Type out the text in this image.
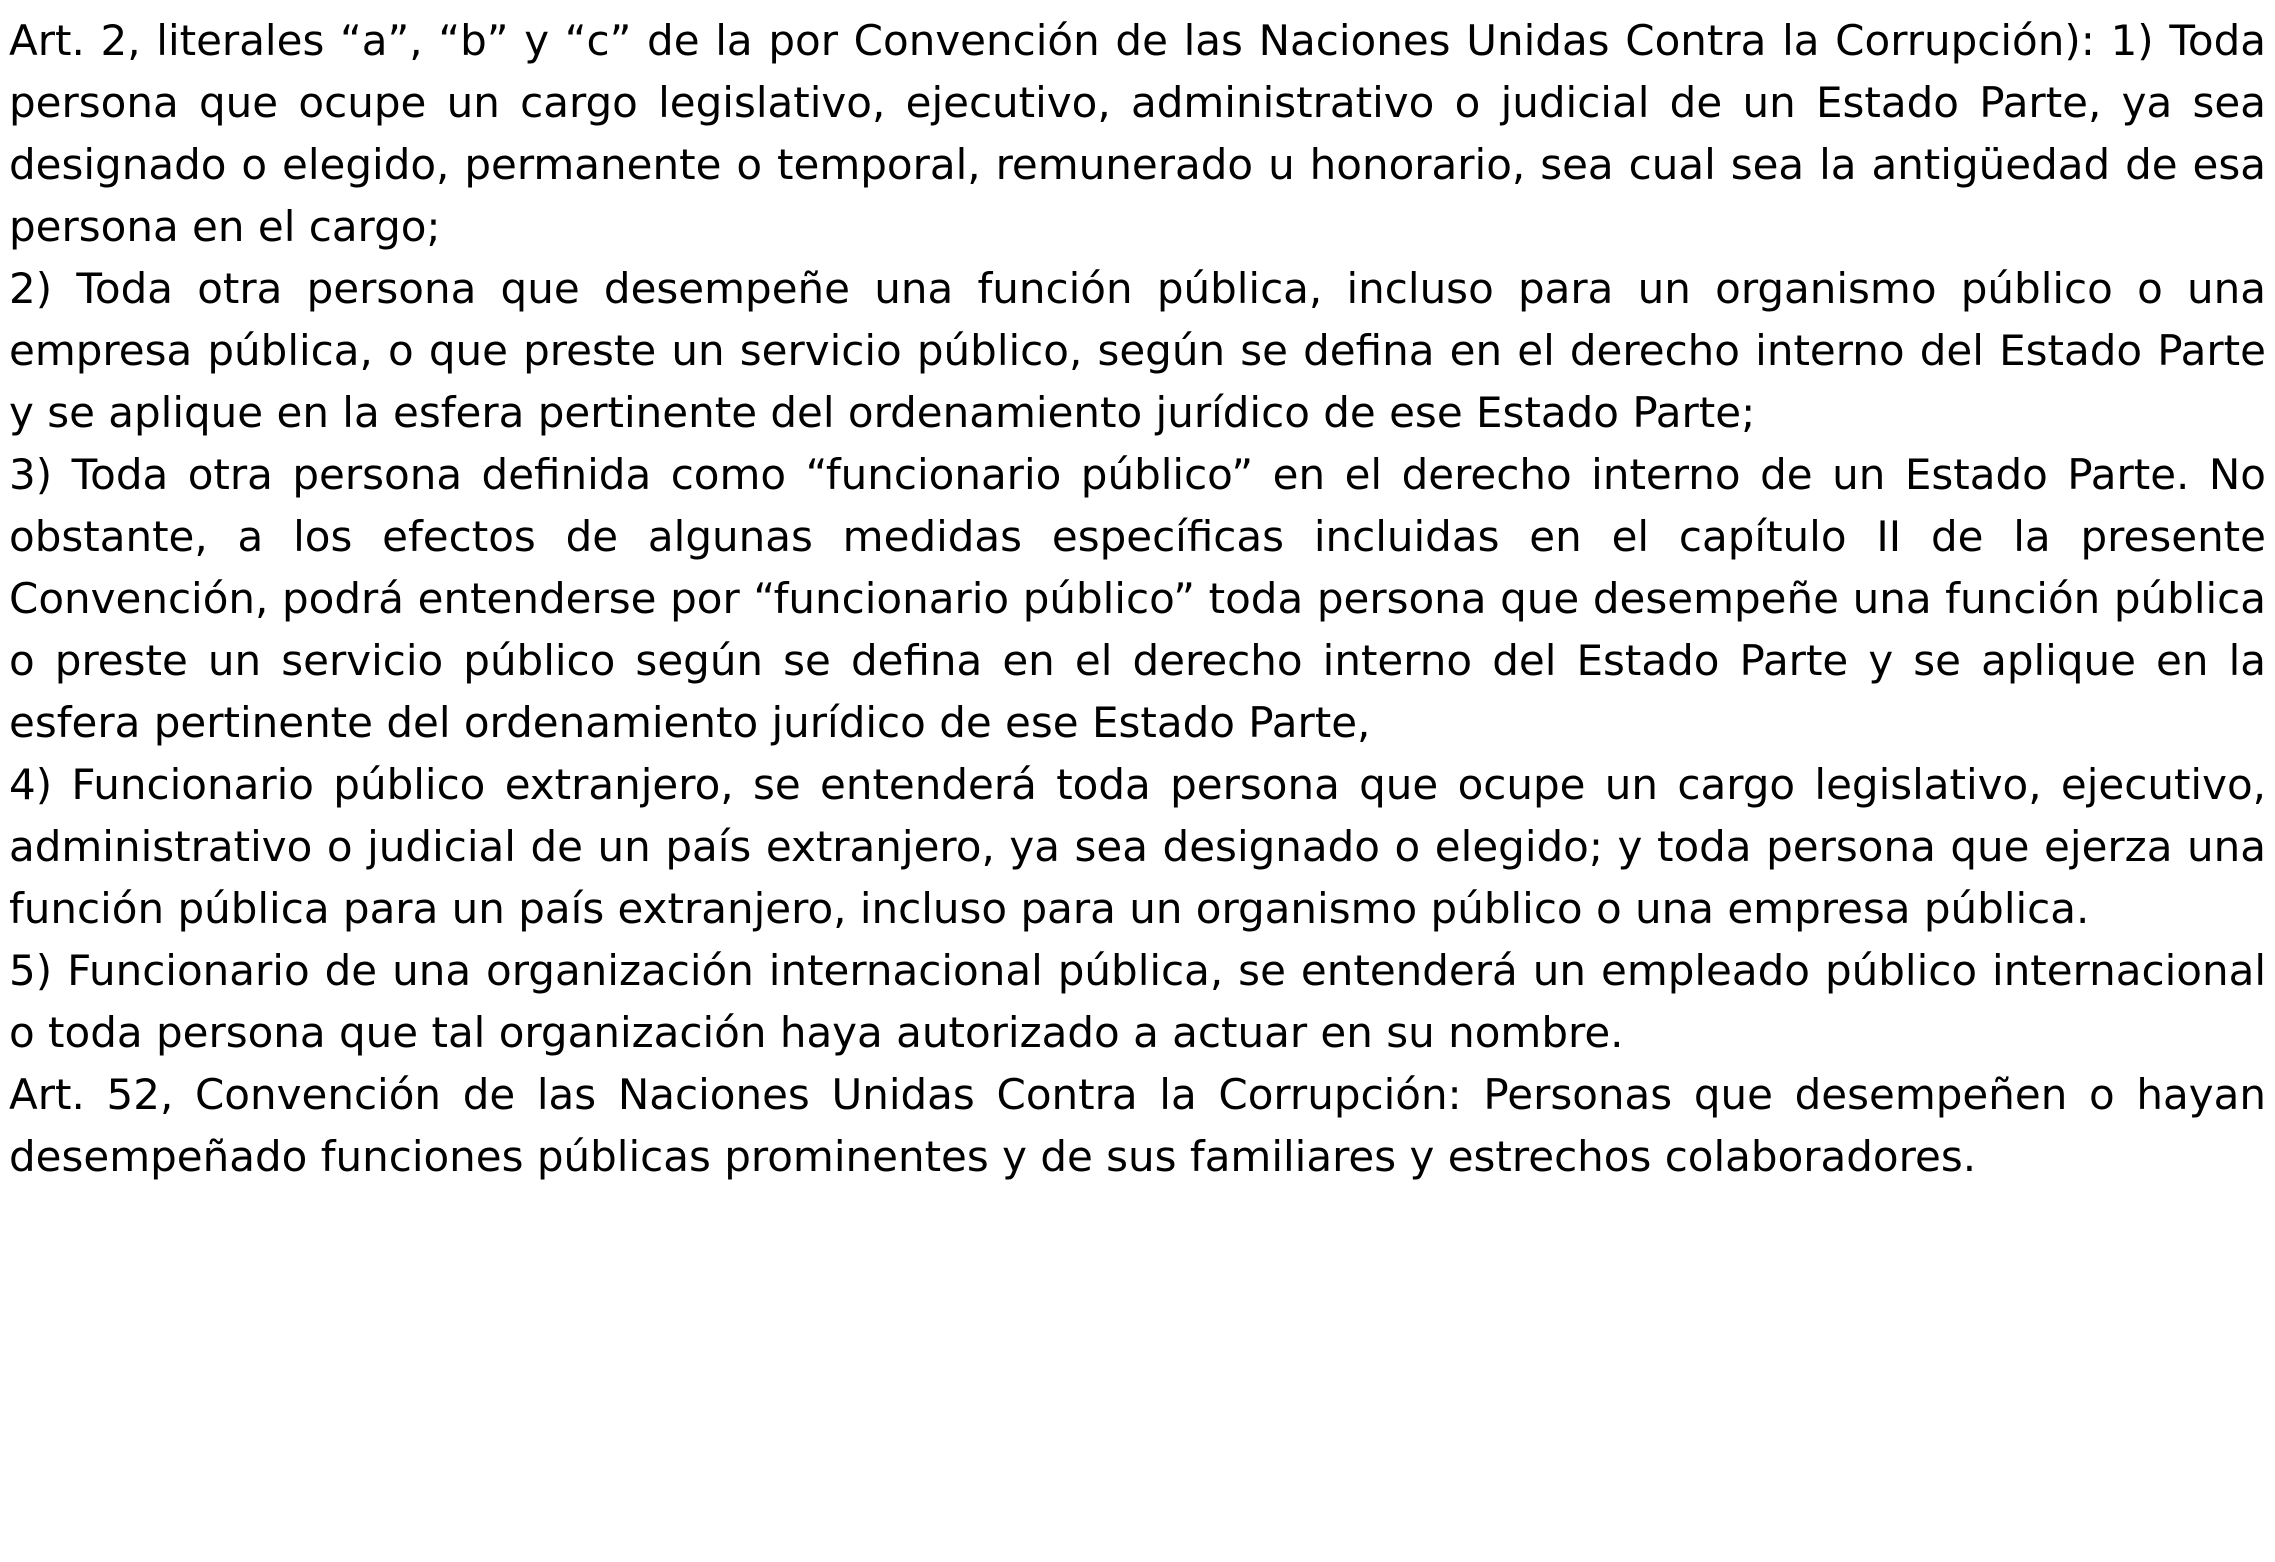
Art. 2, literales “a”, “b” y “c” de la por Convención de las Naciones Unidas Contra la Corrupción): 1) Toda persona que ocupe un cargo legislativo, ejecutivo, administrativo o judicial de un Estado Parte, ya sea designado o elegido, permanente o temporal, remunerado u honorario, sea cual sea la antigüedad de esa persona en el cargo;

2) Toda otra persona que desempeñe una función pública, incluso para un organismo público o una empresa pública, o que preste un servicio público, según se defina en el derecho interno del Estado Parte y se aplique en la esfera pertinente del ordenamiento jurídico de ese Estado Parte;

3) Toda otra persona definida como “funcionario público” en el derecho interno de un Estado Parte. No obstante, a los efectos de algunas medidas específicas incluidas en el capítulo II de la presente Convención, podrá entenderse por “funcionario público” toda persona que desempeñe una función pública o preste un servicio público según se defina en el derecho interno del Estado Parte y se aplique en la esfera pertinente del ordenamiento jurídico de ese Estado Parte,

4) Funcionario público extranjero, se entenderá toda persona que ocupe un cargo legislativo, ejecutivo, administrativo o judicial de un país extranjero, ya sea designado o elegido; y toda persona que ejerza una función pública para un país extranjero, incluso para un organismo público o una empresa pública.

5) Funcionario de una organización internacional pública, se entenderá un empleado público internacional o toda persona que tal organización haya autorizado a actuar en su nombre.

Art. 52, Convención de las Naciones Unidas Contra la Corrupción: Personas que desempeñen o hayan desempeñado funciones públicas prominentes y de sus familiares y estrechos colaboradores.
